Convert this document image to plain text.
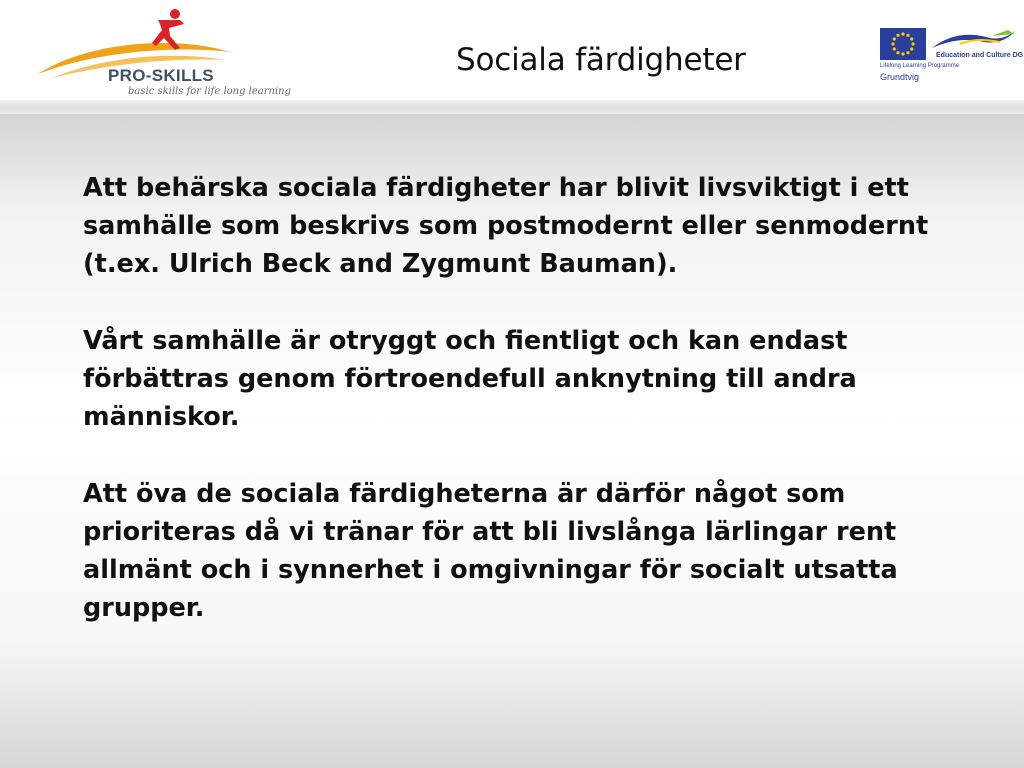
PRO-SKILLS
basic skills for life long learning
Sociala färdigheter	Education and Culture DG
Lifelong Learning Programme
Grundtvig

Att behärska sociala färdigheter har blivit livsviktigt i ett samhälle som beskrivs som postmodernt eller senmodernt (t.ex. Ulrich Beck and Zygmunt Bauman).

Vårt samhälle är otryggt och fientligt och kan endast förbättras genom förtroendefull anknytning till andra människor.

Att öva de sociala färdigheterna är därför något som prioriteras då vi tränar för att bli livslånga lärlingar rent allmänt och i synnerhet i omgivningar för socialt utsatta grupper.
